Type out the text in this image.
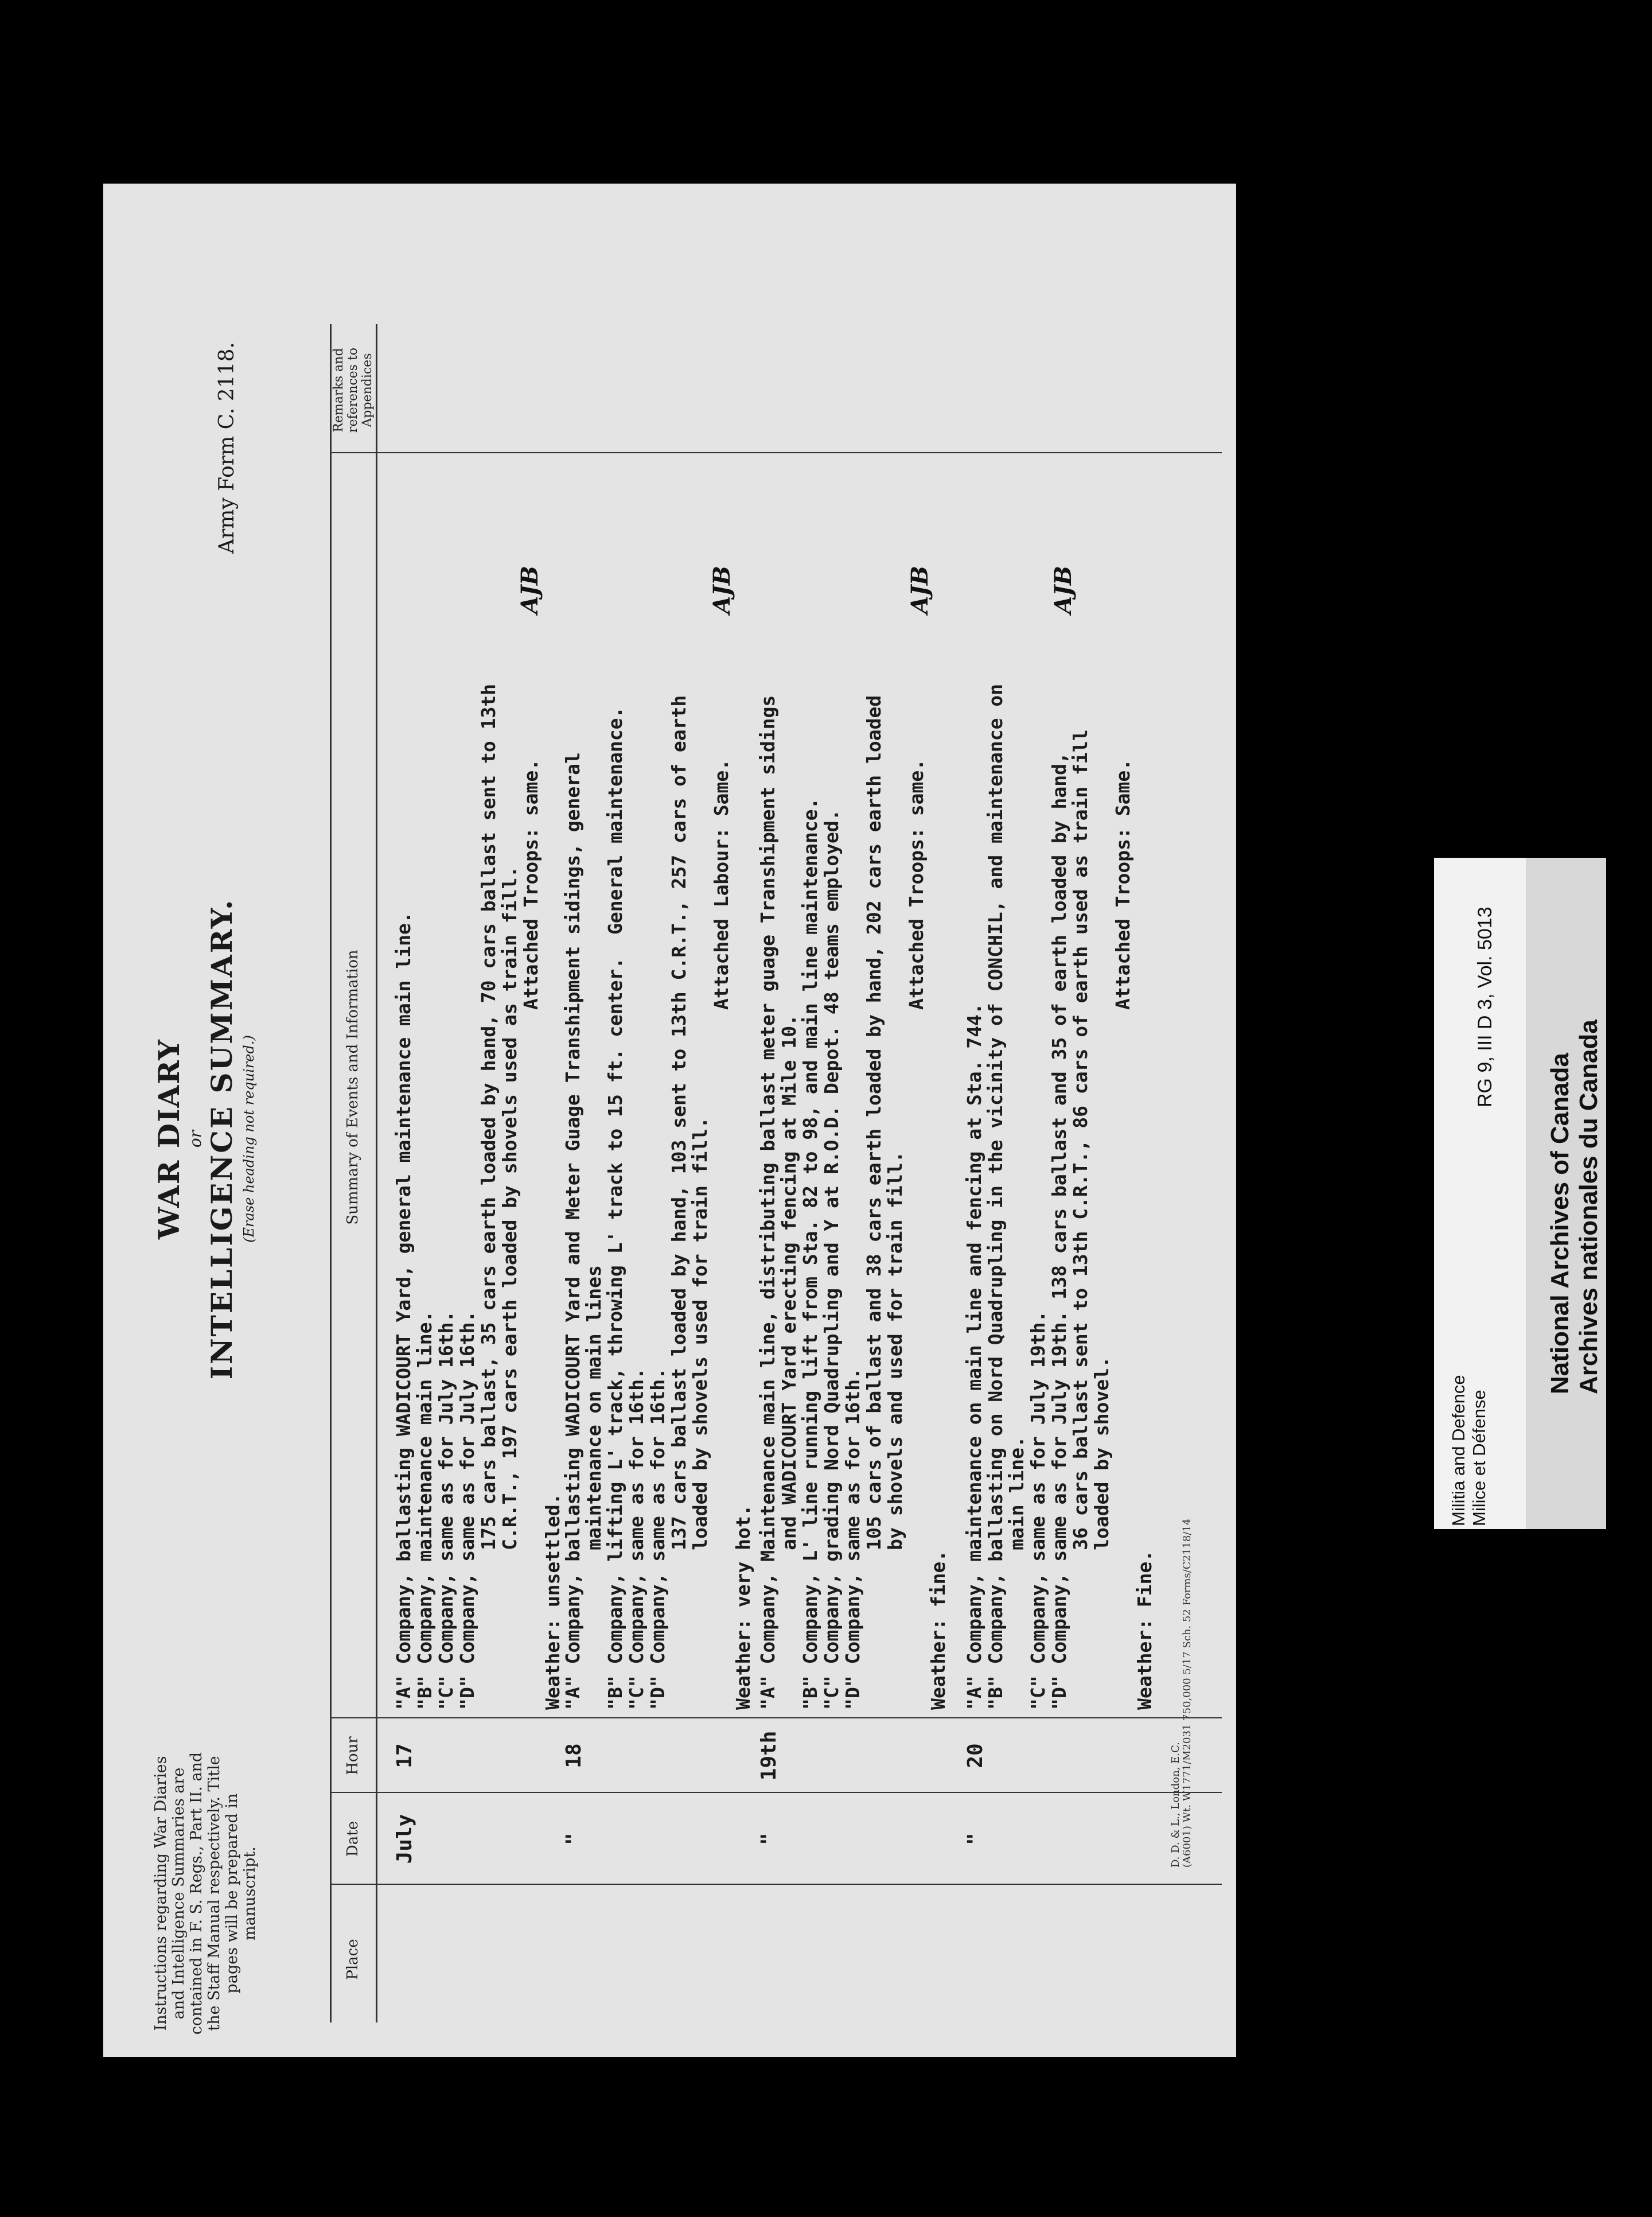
Instructions regarding War Diaries and Intelligence Summaries are contained in F. S. Regs., Part II. and the Staff Manual respectively. Title pages will be prepared in manuscript.
WAR DIARY or INTELLIGENCE SUMMARY. (Erase heading not required.)
Army Form C. 2118.
Place
Date
Hour
Summary of Events and Information
Remarks and references to Appendices
July
17
"A" Company, ballasting WADICOURT Yard, general maintenance main line.
"B" Company, maintenance main line.
"C" Company, same as for July 16th.
"D" Company, same as for July 16th.
175 cars ballast, 35 cars earth loaded by hand, 70 cars ballast sent to 13th
C.R.T., 197 cars earth loaded by shovels used as train fill.
Attached Troops: same.
Weather: unsettled.
AJB
"
18
"A" Company, ballasting WADICOURT Yard and Meter Guage Transhipment sidings, general
maintenance on main lines
"B" Company, lifting L' track, throwing L' track to 15 ft. center.  General maintenance.
"C" Company, same as for 16th.
"D" Company, same as for 16th.
137 cars ballast loaded by hand, 103 sent to 13th C.R.T., 257 cars of earth
loaded by shovels used for train fill.
Attached Labour: Same.
Weather: very hot.
AJB
"
19th
"A" Company, Maintenance main line, distributing ballast meter guage Transhipment sidings
and WADICOURT Yard erecting fencing at Mile 10.
"B" Company, L' line running lift from Sta. 82 to 98, and main line maintenance.
"C" Company, grading Nord Quadrupling and Y at R.O.D. Depot. 48 teams employed.
"D" Company, same as for 16th.
105 cars of ballast and 38 cars earth loaded by hand, 202 cars earth loaded
by shovels and used for train fill.
Attached Troops: same.
Weather: fine.
AJB
"
20
"A" Company, maintenance on main line and fencing at Sta. 744.
"B" Company, ballasting on Nord Quadrupling in the vicinity of CONCHIL, and maintenance on
main line.
"C" Company, same as for July 19th.
"D" Company, same as for July 19th. 138 cars ballast and 35 of earth loaded by hand,
36 cars ballast sent to 13th C.R.T., 86 cars of earth used as train fill
loaded by shovel.
Attached Troops: Same.
Weather: Fine.
AJB
D. D. & L., London, E.C.
(A6001) Wt. W1771/M2031 750,000 5/17 Sch. 52 Forms/C2118/14
RG 9, III D 3, Vol. 5013
Militia and Defence Milice et Défense
National Archives of Canada Archives nationales du Canada
